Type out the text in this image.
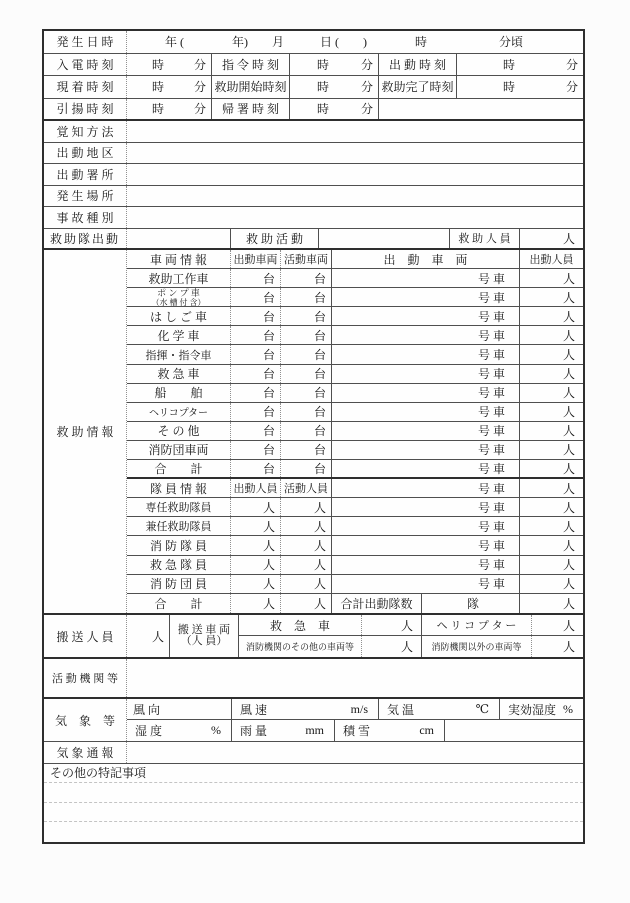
発 生 日 時	年 (　　　　年)　　月　　　日 (　　)　　　　時　　　　　　分頃
入 電 時 刻	時	分	指 令 時 刻	時	分	出 動 時 刻	時	分
現 着 時 刻	時	分 救助開始時刻	時	分 救助完了時刻	時	分
引 揚 時 刻	時	分	帰 署 時 刻	時	分
覚 知 方 法
出 動 地 区
出 動 署 所
発 生 場 所
事 故 種 別
救助隊出動	救 助 活 動	救 助 人 員	人
救 助 情 報
車 両 情 報	出動車両 活動車両	出　動　車　両	出動人員
救助工作車	台	台	号 車	人
ポ ン プ 車
（水 槽 付 含）	台	台	号 車	人
は し ご 車	台	台	号 車	人
化 学 車	台	台	号 車	人
指揮・指令車	台	台	号 車	人
救 急 車	台	台	号 車	人
船　　舶	台	台	号 車	人
ヘリコプター	台	台	号 車	人
そ の 他	台	台	号 車	人
消防団車両	台	台	号 車	人
合　　計	台	台	号 車	人
隊 員 情 報	出動人員 活動人員	号 車	人
専任救助隊員	人	人	号 車	人
兼任救助隊員	人	人	号 車	人
消 防 隊 員	人	人	号 車	人
救 急 隊 員	人	人	号 車	人
消 防 団 員	人	人	号 車	人
合　　計	人	人	合計出動隊数	隊	人
搬 送 人 員	人	搬 送 車 両
（人 員）
救　急　車	人	ヘ リ コ プ タ ー	人
消防機関のその他の車両等	人	消防機関以外の車両等	人
活 動 機 関 等
気　象　等
風 向	風 速	m/s 気 温	℃ 実効湿度 %
湿 度	% 雨 量	mm 積 雪	cm
気 象 通 報
その他の特記事項
